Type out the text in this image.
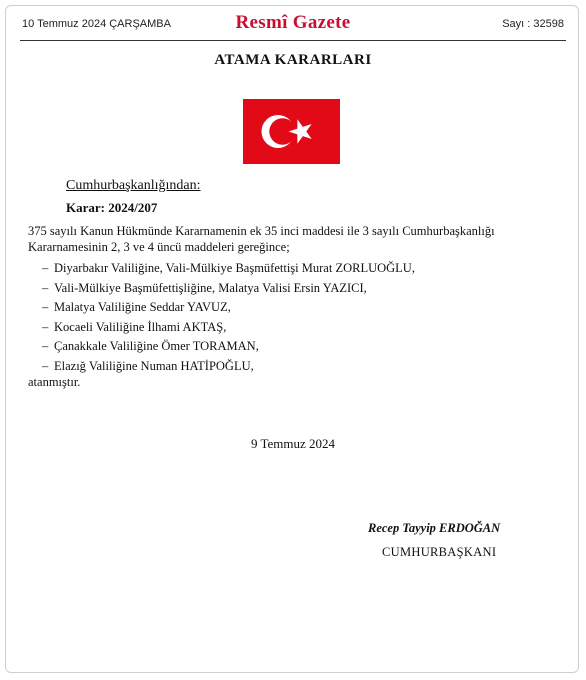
10 Temmuz 2024 ÇARŞAMBA	Resmî Gazete	Sayı : 32598
ATAMA KARARLARI
Cumhurbaşkanlığından:
Karar: 2024/207
375 sayılı Kanun Hükmünde Kararnamenin ek 35 inci maddesi ile 3 sayılı Cumhurbaşkanlığı
Kararnamesinin 2, 3 ve 4 üncü maddeleri gereğince;
– Diyarbakır Valiliğine, Vali-Mülkiye Başmüfettişi Murat ZORLUOĞLU,
– Vali-Mülkiye Başmüfettişliğine, Malatya Valisi Ersin YAZICI,
– Malatya Valiliğine Seddar YAVUZ,
– Kocaeli Valiliğine İlhami AKTAŞ,
– Çanakkale Valiliğine Ömer TORAMAN,
– Elazığ Valiliğine Numan HATİPOĞLU,
atanmıştır.
9 Temmuz 2024
Recep Tayyip ERDOĞAN
CUMHURBAŞKANI
